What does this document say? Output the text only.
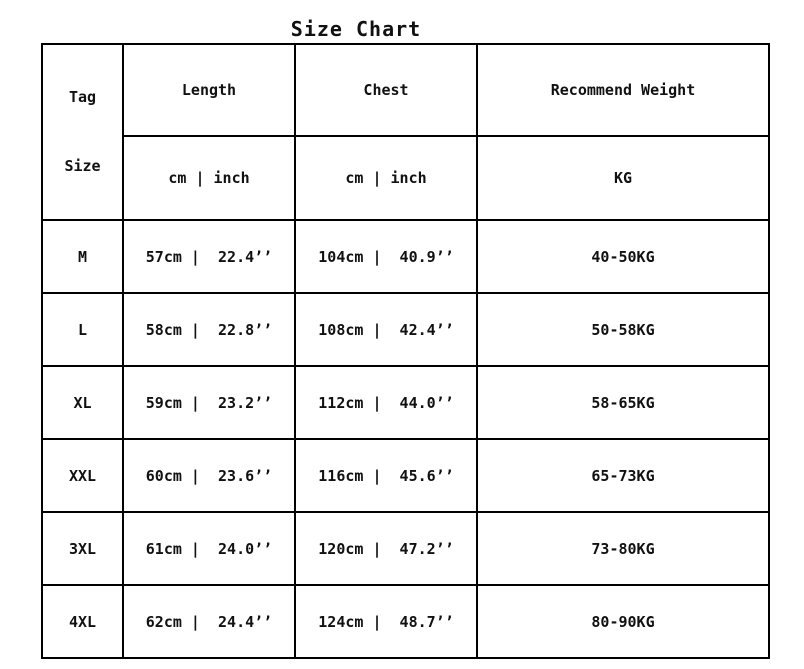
Size Chart

Tag

Size	Length	Chest	Recommend Weight
	cm | inch	cm | inch	KG
M	57cm |  22.4’’	104cm |  40.9’’	40-50KG
L	58cm |  22.8’’	108cm |  42.4’’	50-58KG
XL	59cm |  23.2’’	112cm |  44.0’’	58-65KG
XXL	60cm |  23.6’’	116cm |  45.6’’	65-73KG
3XL	61cm |  24.0’’	120cm |  47.2’’	73-80KG
4XL	62cm |  24.4’’	124cm |  48.7’’	80-90KG
